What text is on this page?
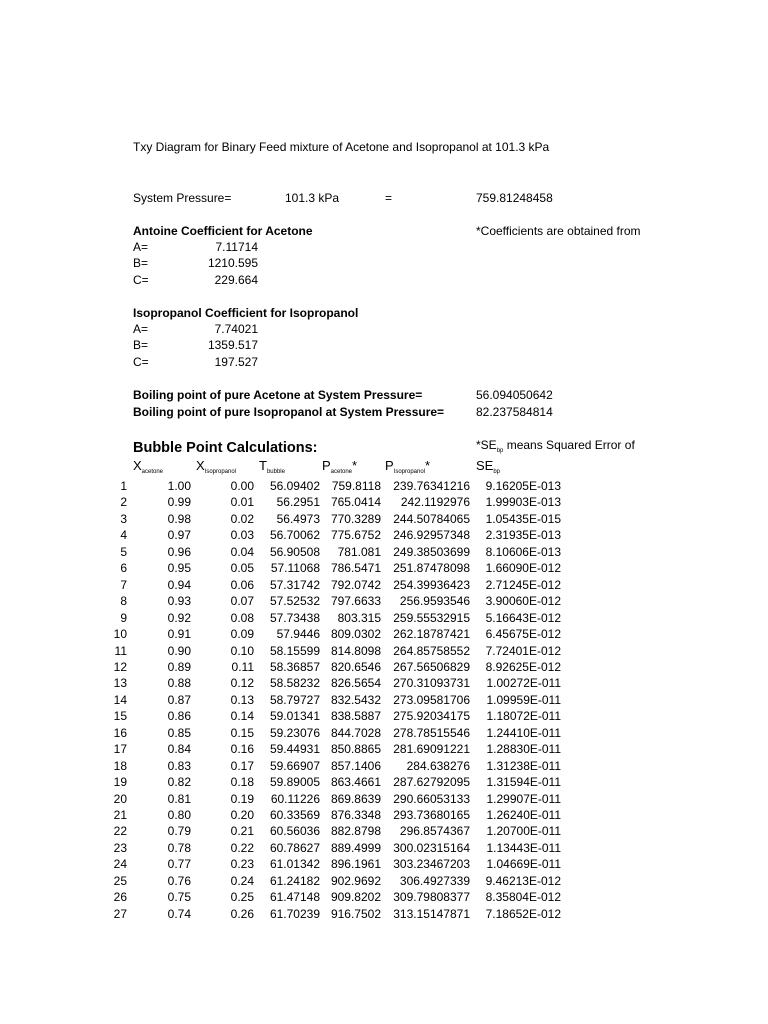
Txy Diagram for Binary Feed mixture of Acetone and Isopropanol at 101.3 kPa
System Pressure=	101.3 kPa	=	759.81248458
Antoine Coefficient for Acetone	*Coefficients are obtained from
A=	7.11714
B=	1210.595
C=	229.664
Isopropanol Coefficient for Isopropanol
A=	7.74021
B=	1359.517
C=	197.527
Boiling point of pure Acetone at System Pressure=	56.094050642
Boiling point of pure Isopropanol at System Pressure=	82.237584814
Bubble Point Calculations:	$*SE_{bp}$ means Squared Error of
$X_{acetone}$	$X_{Isopropanol}$ $T_{bubble}$	$P_{acetone}*$ $P_{Isopropanol}*$	$SE_{bp}$
1	1.00	0.00	56.09402 759.8118	239.76341216	9.16205E-013
2	0.99	0.01	56.2951 765.0414	242.1192976	1.99903E-013
3	0.98	0.02	56.4973 770.3289	244.50784065	1.05435E-015
4	0.97	0.03	56.70062 775.6752	246.92957348	2.31935E-013
5	0.96	0.04	56.90508	781.081	249.38503699	8.10606E-013
6	0.95	0.05	57.11068 786.5471	251.87478098	1.66090E-012
7	0.94	0.06	57.31742 792.0742	254.39936423	2.71245E-012
8	0.93	0.07	57.52532 797.6633	256.9593546	3.90060E-012
9	0.92	0.08	57.73438	803.315	259.55532915	5.16643E-012
10	0.91	0.09	57.9446 809.0302	262.18787421	6.45675E-012
11	0.90	0.10	58.15599 814.8098	264.85758552	7.72401E-012
12	0.89	0.11	58.36857 820.6546	267.56506829	8.92625E-012
13	0.88	0.12	58.58232 826.5654	270.31093731	1.00272E-011
14	0.87	0.13	58.79727 832.5432	273.09581706	1.09959E-011
15	0.86	0.14	59.01341 838.5887	275.92034175	1.18072E-011
16	0.85	0.15	59.23076 844.7028	278.78515546	1.24410E-011
17	0.84	0.16	59.44931 850.8865	281.69091221	1.28830E-011
18	0.83	0.17	59.66907 857.1406	284.638276	1.31238E-011
19	0.82	0.18	59.89005 863.4661	287.62792095	1.31594E-011
20	0.81	0.19	60.11226 869.8639	290.66053133	1.29907E-011
21	0.80	0.20	60.33569 876.3348	293.73680165	1.26240E-011
22	0.79	0.21	60.56036 882.8798	296.8574367	1.20700E-011
23	0.78	0.22	60.78627 889.4999	300.02315164	1.13443E-011
24	0.77	0.23	61.01342 896.1961	303.23467203	1.04669E-011
25	0.76	0.24	61.24182 902.9692	306.4927339	9.46213E-012
26	0.75	0.25	61.47148 909.8202	309.79808377	8.35804E-012
27	0.74	0.26	61.70239 916.7502	313.15147871	7.18652E-012
